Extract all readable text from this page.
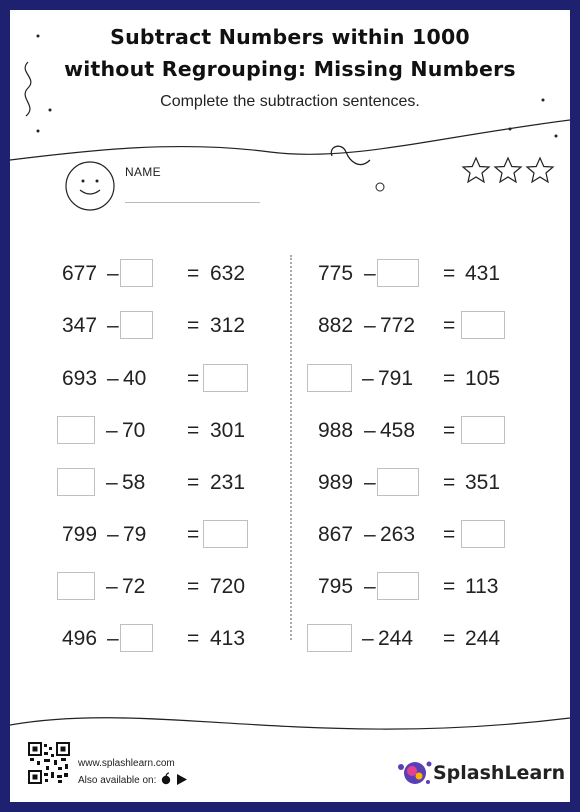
Subtract Numbers within 1000
without Regrouping: Missing Numbers
Complete the subtraction sentences.
NAME
677 –	= 632
347 –	= 312
693 – 40 =
– 70 = 301
– 58 = 231
799 – 79 =
– 72 = 720
496 –	= 413
775 –	= 431
882 – 772 =
– 791 = 105
988 – 458 =
989 –	= 351
867 – 263 =
795 –	= 113
– 244 = 244
www.splashlearn.com
Also available on:	SplashLearn
